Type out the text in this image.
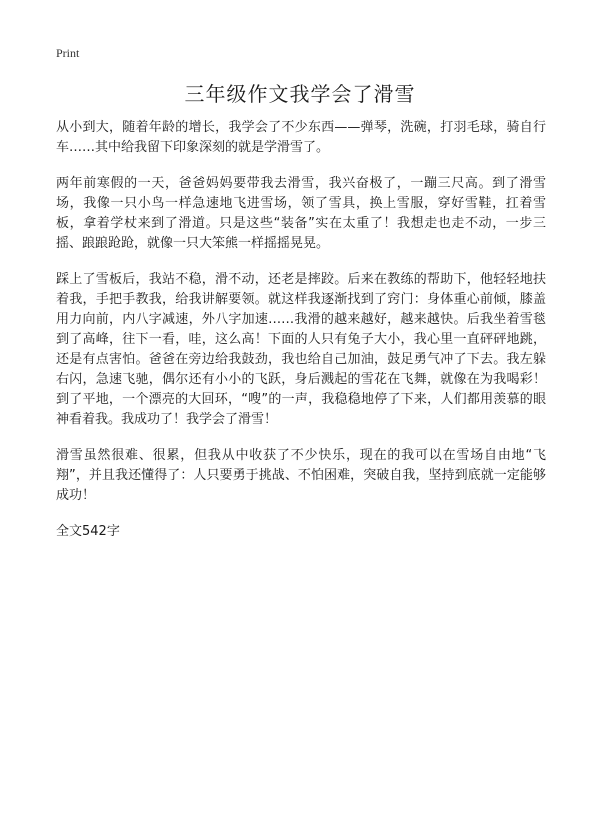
Print
三年级作文我学会了滑雪

从小到大，随着年龄的增长，我学会了不少东西——弹琴，洗碗，打羽毛球，骑自行车……其中给我留下印象深刻的就是学滑雪了。

两年前寒假的一天，爸爸妈妈要带我去滑雪，我兴奋极了，一蹦三尺高。到了滑雪场，我像一只小鸟一样急速地飞进雪场，领了雪具，换上雪服，穿好雪鞋，扛着雪板，拿着学杖来到了滑道。只是这些“装备”实在太重了！我想走也走不动，一步三摇、踉踉跄跄，就像一只大笨熊一样摇摇晃晃。

踩上了雪板后，我站不稳，滑不动，还老是摔跤。后来在教练的帮助下，他轻轻地扶着我，手把手教我，给我讲解要领。就这样我逐渐找到了窍门：身体重心前倾，膝盖用力向前，内八字减速，外八字加速……我滑的越来越好，越来越快。后我坐着雪毯到了高峰，往下一看，哇，这么高！下面的人只有兔子大小，我心里一直砰砰地跳，还是有点害怕。爸爸在旁边给我鼓劲，我也给自己加油，鼓足勇气冲了下去。我左躲右闪，急速飞驰，偶尔还有小小的飞跃，身后溅起的雪花在飞舞，就像在为我喝彩！到了平地，一个漂亮的大回环，“嗖”的一声，我稳稳地停了下来，人们都用羡慕的眼神看着我。我成功了！我学会了滑雪！

滑雪虽然很难、很累，但我从中收获了不少快乐，现在的我可以在雪场自由地“飞翔”，并且我还懂得了：人只要勇于挑战、不怕困难，突破自我，坚持到底就一定能够成功！

全文542字
